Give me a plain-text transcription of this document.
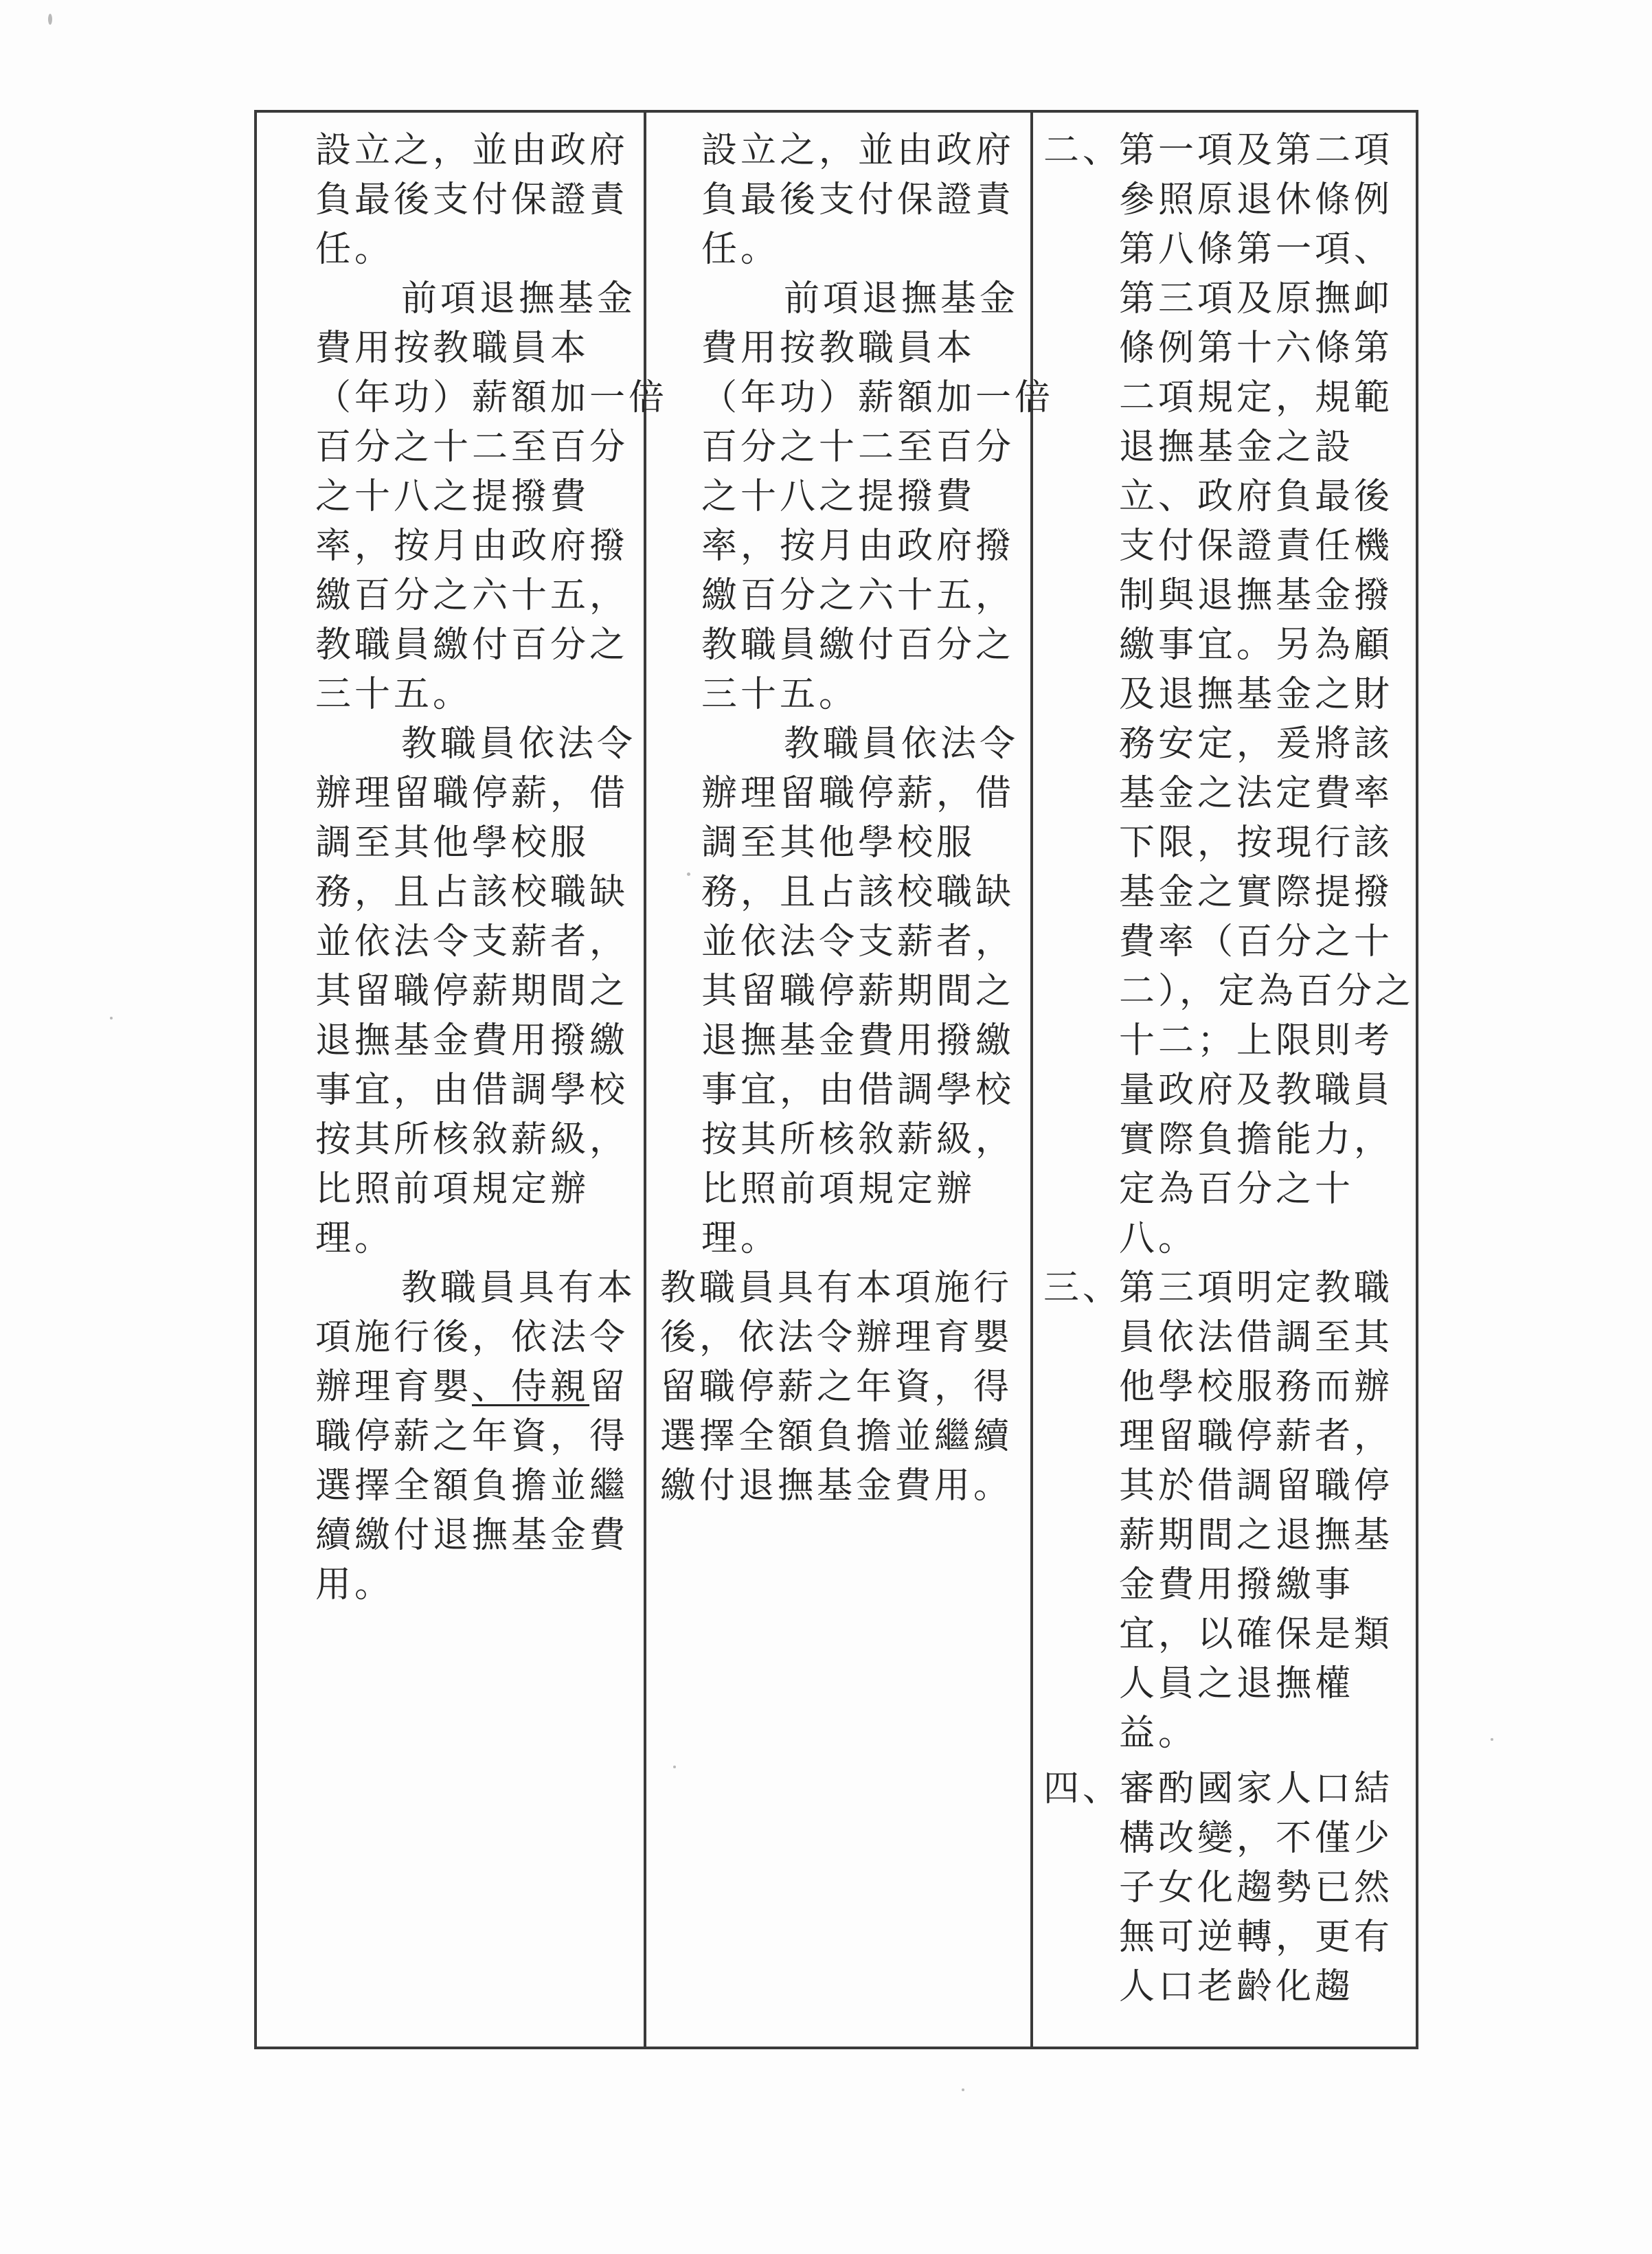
設立之，並由政府
負最後支付保證責
任。
前項退撫基金
費用按教職員本
（年功）薪額加一倍
百分之十二至百分
之十八之提撥費
率，按月由政府撥
繳百分之六十五，
教職員繳付百分之
三十五。
教職員依法令
辦理留職停薪，借
調至其他學校服
務，且占該校職缺
並依法令支薪者，
其留職停薪期間之
退撫基金費用撥繳
事宜，由借調學校
按其所核敘薪級，
比照前項規定辦
理。
教職員具有本
項施行後，依法令
辦理育嬰、侍親留
職停薪之年資，得
選擇全額負擔並繼
續繳付退撫基金費
用。
設立之，並由政府
負最後支付保證責
任。
前項退撫基金
費用按教職員本
（年功）薪額加一倍
百分之十二至百分
之十八之提撥費
率，按月由政府撥
繳百分之六十五，
教職員繳付百分之
三十五。
教職員依法令
辦理留職停薪，借
調至其他學校服
務，且占該校職缺
並依法令支薪者，
其留職停薪期間之
退撫基金費用撥繳
事宜，由借調學校
按其所核敘薪級，
比照前項規定辦
理。
教職員具有本項施行
後，依法令辦理育嬰
留職停薪之年資，得
選擇全額負擔並繼續
繳付退撫基金費用。
二、
第一項及第二項
參照原退休條例
第八條第一項、
第三項及原撫卹
條例第十六條第
二項規定，規範
退撫基金之設
立、政府負最後
支付保證責任機
制與退撫基金撥
繳事宜。另為顧
及退撫基金之財
務安定，爰將該
基金之法定費率
下限，按現行該
基金之實際提撥
費率（百分之十
二），定為百分之
十二；上限則考
量政府及教職員
實際負擔能力，
定為百分之十
八。
三、
第三項明定教職
員依法借調至其
他學校服務而辦
理留職停薪者，
其於借調留職停
薪期間之退撫基
金費用撥繳事
宜，以確保是類
人員之退撫權
益。
四、
審酌國家人口結
構改變，不僅少
子女化趨勢已然
無可逆轉，更有
人口老齡化趨
